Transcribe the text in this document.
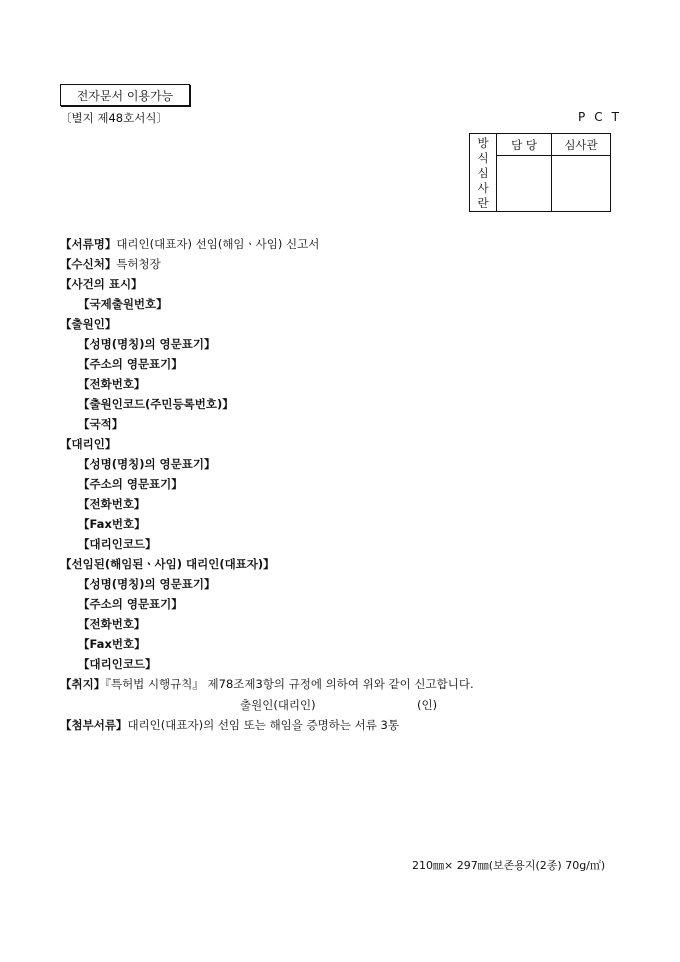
전자문서 이용가능
〔별지 제48호서식〕	PCT
방
식
심
사
란	담 당	심사관

【서류명】대리인(대표자) 선임(해임ㆍ사임) 신고서
【수신처】특허청장
【사건의 표시】
【국제출원번호】
【출원인】
【성명(명칭)의 영문표기】
【주소의 영문표기】
【전화번호】
【출원인코드(주민등록번호)】
【국적】
【대리인】
【성명(명칭)의 영문표기】
【주소의 영문표기】
【전화번호】
【Fax번호】
【대리인코드】
【선임된(해임된ㆍ사임) 대리인(대표자)】
【성명(명칭)의 영문표기】
【주소의 영문표기】
【전화번호】
【Fax번호】
【대리인코드】
【취지】『특허법 시행규칙』 제78조제3항의 규정에 의하여 위와 같이 신고합니다.
출원인(대리인)	(인)
【첨부서류】대리인(대표자)의 선임 또는 해임을 증명하는 서류 3통
210㎜× 297㎜(보존용지(2종) 70g/㎡)
